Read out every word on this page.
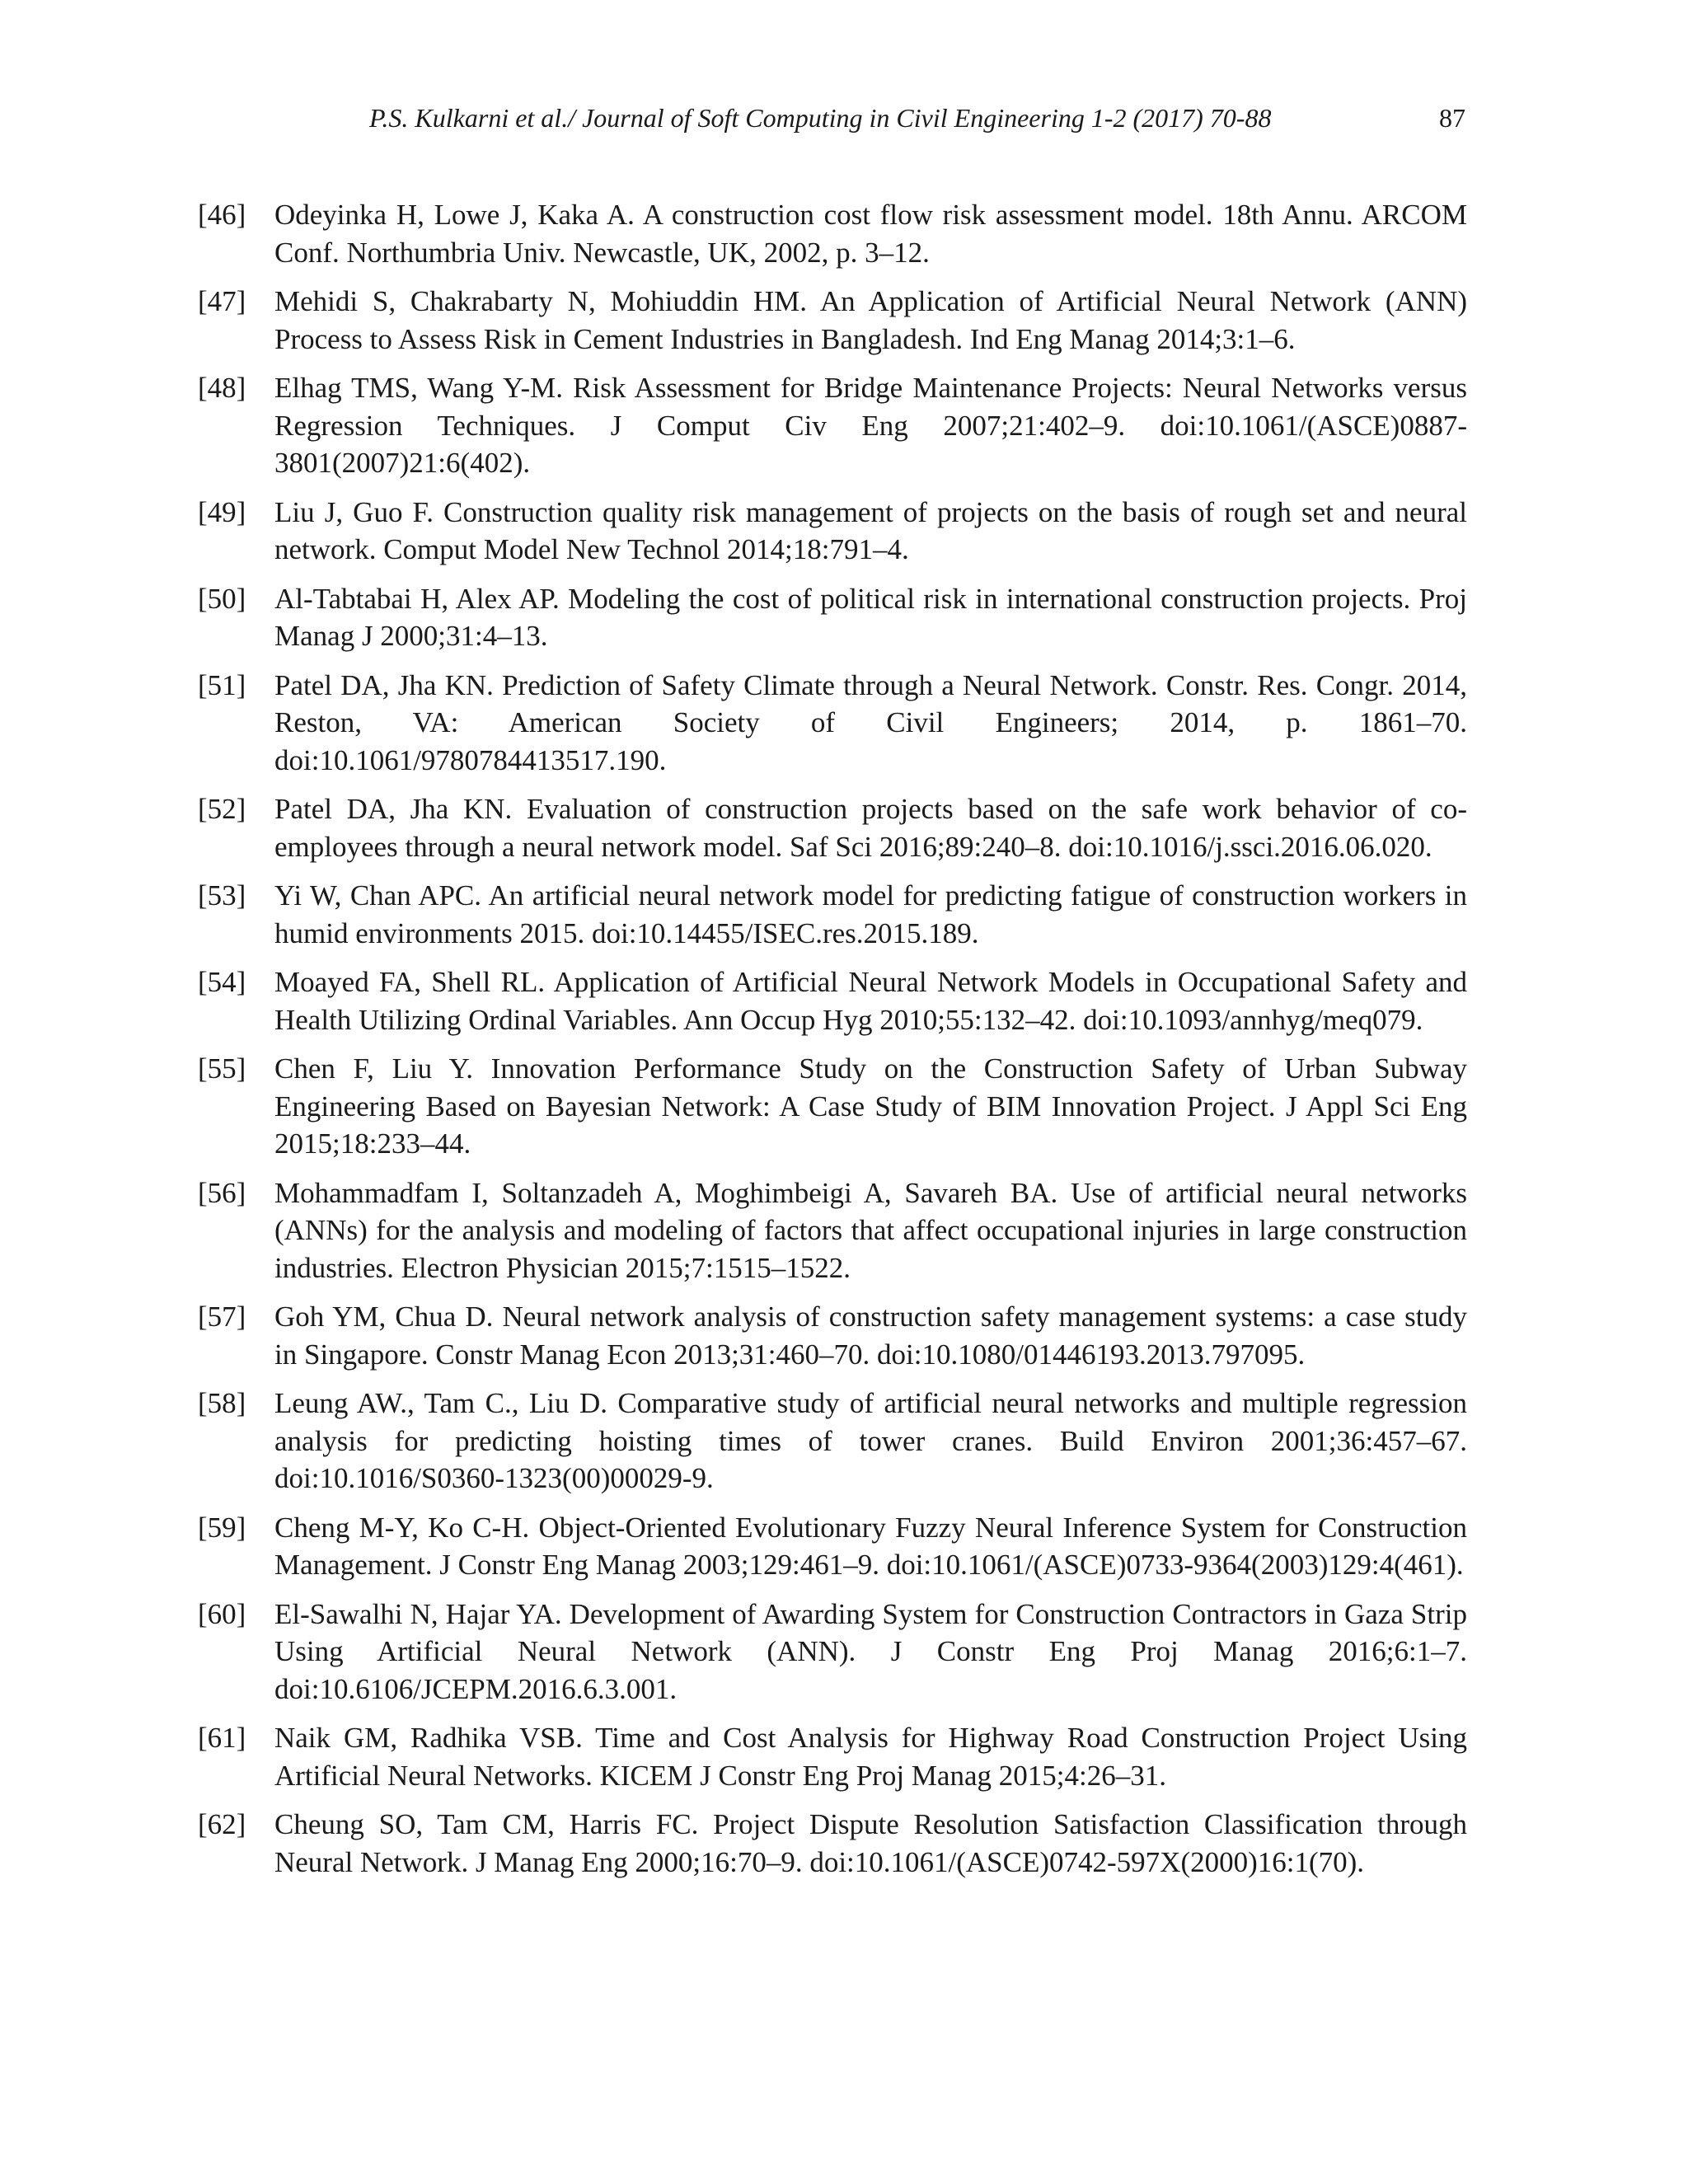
P.S. Kulkarni et al./ Journal of Soft Computing in Civil Engineering 1-2 (2017) 70-88	87
[46] Odeyinka H, Lowe J, Kaka A. A construction cost flow risk assessment model. 18th Annu. ARCOM Conf. Northumbria Univ. Newcastle, UK, 2002, p. 3–12.
[47] Mehidi S, Chakrabarty N, Mohiuddin HM. An Application of Artificial Neural Network (ANN) Process to Assess Risk in Cement Industries in Bangladesh. Ind Eng Manag 2014;3:1–6.
[48] Elhag TMS, Wang Y-M. Risk Assessment for Bridge Maintenance Projects: Neural Networks versus Regression Techniques. J Comput Civ Eng 2007;21:402–9. doi:10.1061/(ASCE)0887-3801(2007)21:6(402).
[49] Liu J, Guo F. Construction quality risk management of projects on the basis of rough set and neural network. Comput Model New Technol 2014;18:791–4.
[50] Al-Tabtabai H, Alex AP. Modeling the cost of political risk in international construction projects. Proj Manag J 2000;31:4–13.
[51] Patel DA, Jha KN. Prediction of Safety Climate through a Neural Network. Constr. Res. Congr. 2014, Reston, VA: American Society of Civil Engineers; 2014, p. 1861–70. doi:10.1061/9780784413517.190.
[52] Patel DA, Jha KN. Evaluation of construction projects based on the safe work behavior of co-employees through a neural network model. Saf Sci 2016;89:240–8. doi:10.1016/j.ssci.2016.06.020.
[53] Yi W, Chan APC. An artificial neural network model for predicting fatigue of construction workers in humid environments 2015. doi:10.14455/ISEC.res.2015.189.
[54] Moayed FA, Shell RL. Application of Artificial Neural Network Models in Occupational Safety and Health Utilizing Ordinal Variables. Ann Occup Hyg 2010;55:132–42. doi:10.1093/annhyg/meq079.
[55] Chen F, Liu Y. Innovation Performance Study on the Construction Safety of Urban Subway Engineering Based on Bayesian Network: A Case Study of BIM Innovation Project. J Appl Sci Eng 2015;18:233–44.
[56] Mohammadfam I, Soltanzadeh A, Moghimbeigi A, Savareh BA. Use of artificial neural networks (ANNs) for the analysis and modeling of factors that affect occupational injuries in large construction industries. Electron Physician 2015;7:1515–1522.
[57] Goh YM, Chua D. Neural network analysis of construction safety management systems: a case study in Singapore. Constr Manag Econ 2013;31:460–70. doi:10.1080/01446193.2013.797095.
[58] Leung AW., Tam C., Liu D. Comparative study of artificial neural networks and multiple regression analysis for predicting hoisting times of tower cranes. Build Environ 2001;36:457–67. doi:10.1016/S0360-1323(00)00029-9.
[59] Cheng M-Y, Ko C-H. Object-Oriented Evolutionary Fuzzy Neural Inference System for Construction Management. J Constr Eng Manag 2003;129:461–9. doi:10.1061/(ASCE)0733-9364(2003)129:4(461).
[60] El-Sawalhi N, Hajar YA. Development of Awarding System for Construction Contractors in Gaza Strip Using Artificial Neural Network (ANN). J Constr Eng Proj Manag 2016;6:1–7. doi:10.6106/JCEPM.2016.6.3.001.
[61] Naik GM, Radhika VSB. Time and Cost Analysis for Highway Road Construction Project Using Artificial Neural Networks. KICEM J Constr Eng Proj Manag 2015;4:26–31.
[62] Cheung SO, Tam CM, Harris FC. Project Dispute Resolution Satisfaction Classification through Neural Network. J Manag Eng 2000;16:70–9. doi:10.1061/(ASCE)0742-597X(2000)16:1(70).
